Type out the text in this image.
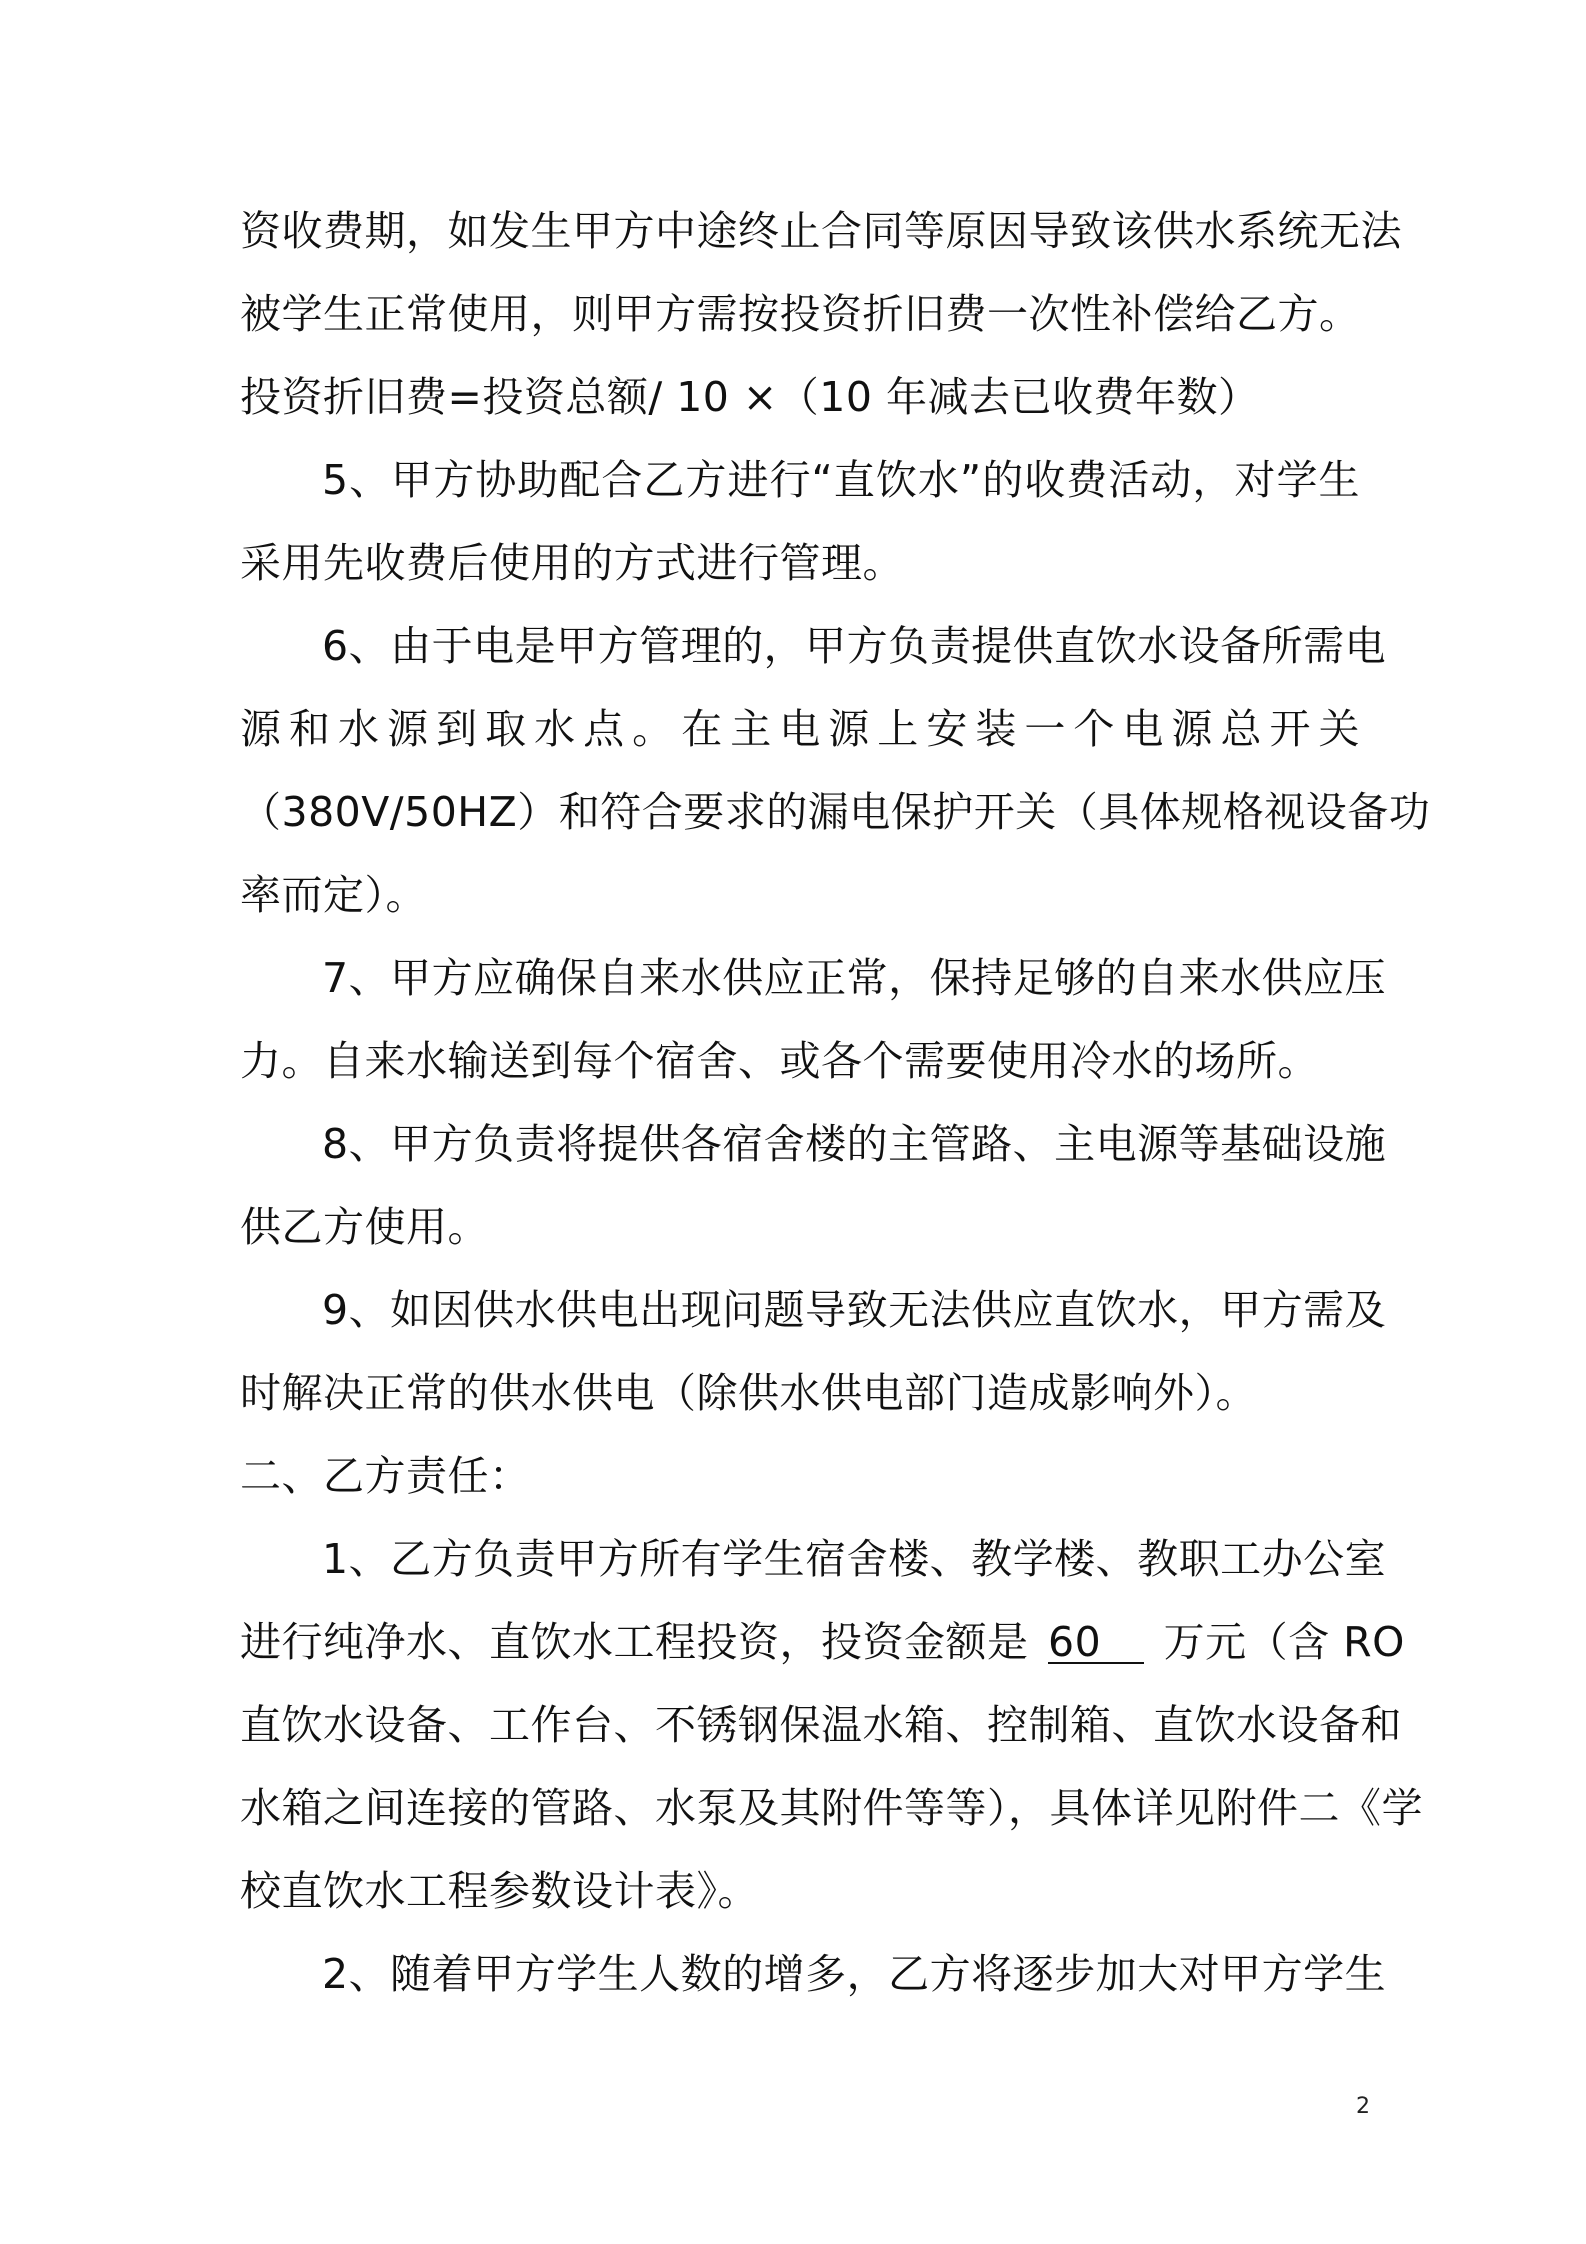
资收费期，如发生甲方中途终止合同等原因导致该供水系统无法
被学生正常使用，则甲方需按投资折旧费一次性补偿给乙方。
投资折旧费=投资总额/ 10 ×（10 年减去已收费年数）
5、甲方协助配合乙方进行“直饮水”的收费活动，对学生
采用先收费后使用的方式进行管理。
6、由于电是甲方管理的，甲方负责提供直饮水设备所需电
源和水源到取水点。在主电源上安装一个电源总开关
（380V/50HZ）和符合要求的漏电保护开关（具体规格视设备功
率而定）。
7、甲方应确保自来水供应正常，保持足够的自来水供应压
力。自来水输送到每个宿舍、或各个需要使用冷水的场所。
8、甲方负责将提供各宿舍楼的主管路、主电源等基础设施
供乙方使用。
9、如因供水供电出现问题导致无法供应直饮水，甲方需及
时解决正常的供水供电（除供水供电部门造成影响外）。
二、乙方责任：
1、乙方负责甲方所有学生宿舍楼、教学楼、教职工办公室
进行纯净水、直饮水工程投资，投资金额是 60 万元（含 RO
直饮水设备、工作台、不锈钢保温水箱、控制箱、直饮水设备和
水箱之间连接的管路、水泵及其附件等等），具体详见附件二《学
校直饮水工程参数设计表》。
2、随着甲方学生人数的增多，乙方将逐步加大对甲方学生
2
